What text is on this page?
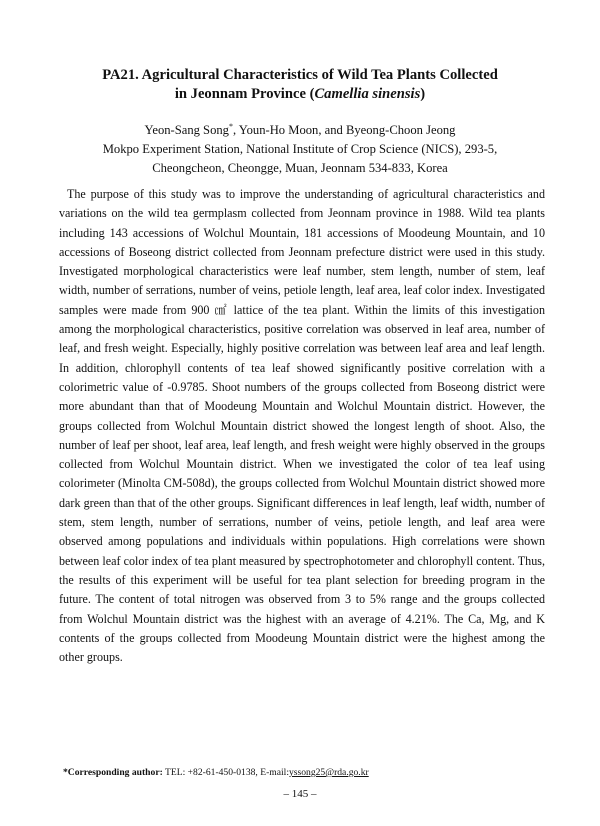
PA21. Agricultural Characteristics of Wild Tea Plants Collected
in Jeonnam Province (Camellia sinensis)
Yeon-Sang Song*, Youn-Ho Moon, and Byeong-Choon Jeong
Mokpo Experiment Station, National Institute of Crop Science (NICS), 293-5,
Cheongcheon, Cheongge, Muan, Jeonnam 534-833, Korea

The purpose of this study was to improve the understanding of agricultural characteristics and variations on the wild tea germplasm collected from Jeonnam province in 1988. Wild tea plants including 143 accessions of Wolchul Mountain, 181 accessions of Moodeung Mountain, and 10 accessions of Boseong district collected from Jeonnam prefecture district were used in this study. Investigated morphological characteristics were leaf number, stem length, number of stem, leaf width, number of serrations, number of veins, petiole length, leaf area, leaf color index. Investigated samples were made from 900 ㎠ lattice of the tea plant. Within the limits of this investigation among the morphological characteristics, positive correlation was observed in leaf area, number of leaf, and fresh weight. Especially, highly positive correlation was between leaf area and leaf length. In addition, chlorophyll contents of tea leaf showed significantly positive correlation with a colorimetric value of -0.9785. Shoot numbers of the groups collected from Boseong district were more abundant than that of Moodeung Mountain and Wolchul Mountain district. However, the groups collected from Wolchul Mountain district showed the longest length of shoot. Also, the number of leaf per shoot, leaf area, leaf length, and fresh weight were highly observed in the groups collected from Wolchul Mountain district. When we investigated the color of tea leaf using colorimeter (Minolta CM-508d), the groups collected from Wolchul Mountain district showed more dark green than that of the other groups. Significant differences in leaf length, leaf width, number of stem, stem length, number of serrations, number of veins, petiole length, and leaf area were observed among populations and individuals within populations. High correlations were shown between leaf color index of tea plant measured by spectrophotometer and chlorophyll content. Thus, the results of this experiment will be useful for tea plant selection for breeding program in the future. The content of total nitrogen was observed from 3 to 5% range and the groups collected from Wolchul Mountain district was the highest with an average of 4.21%. The Ca, Mg, and K contents of the groups collected from Moodeung Mountain district were the highest among the other groups.

*Corresponding author: TEL: +82-61-450-0138, E-mail:yssong25@rda.go.kr
– 145 –
